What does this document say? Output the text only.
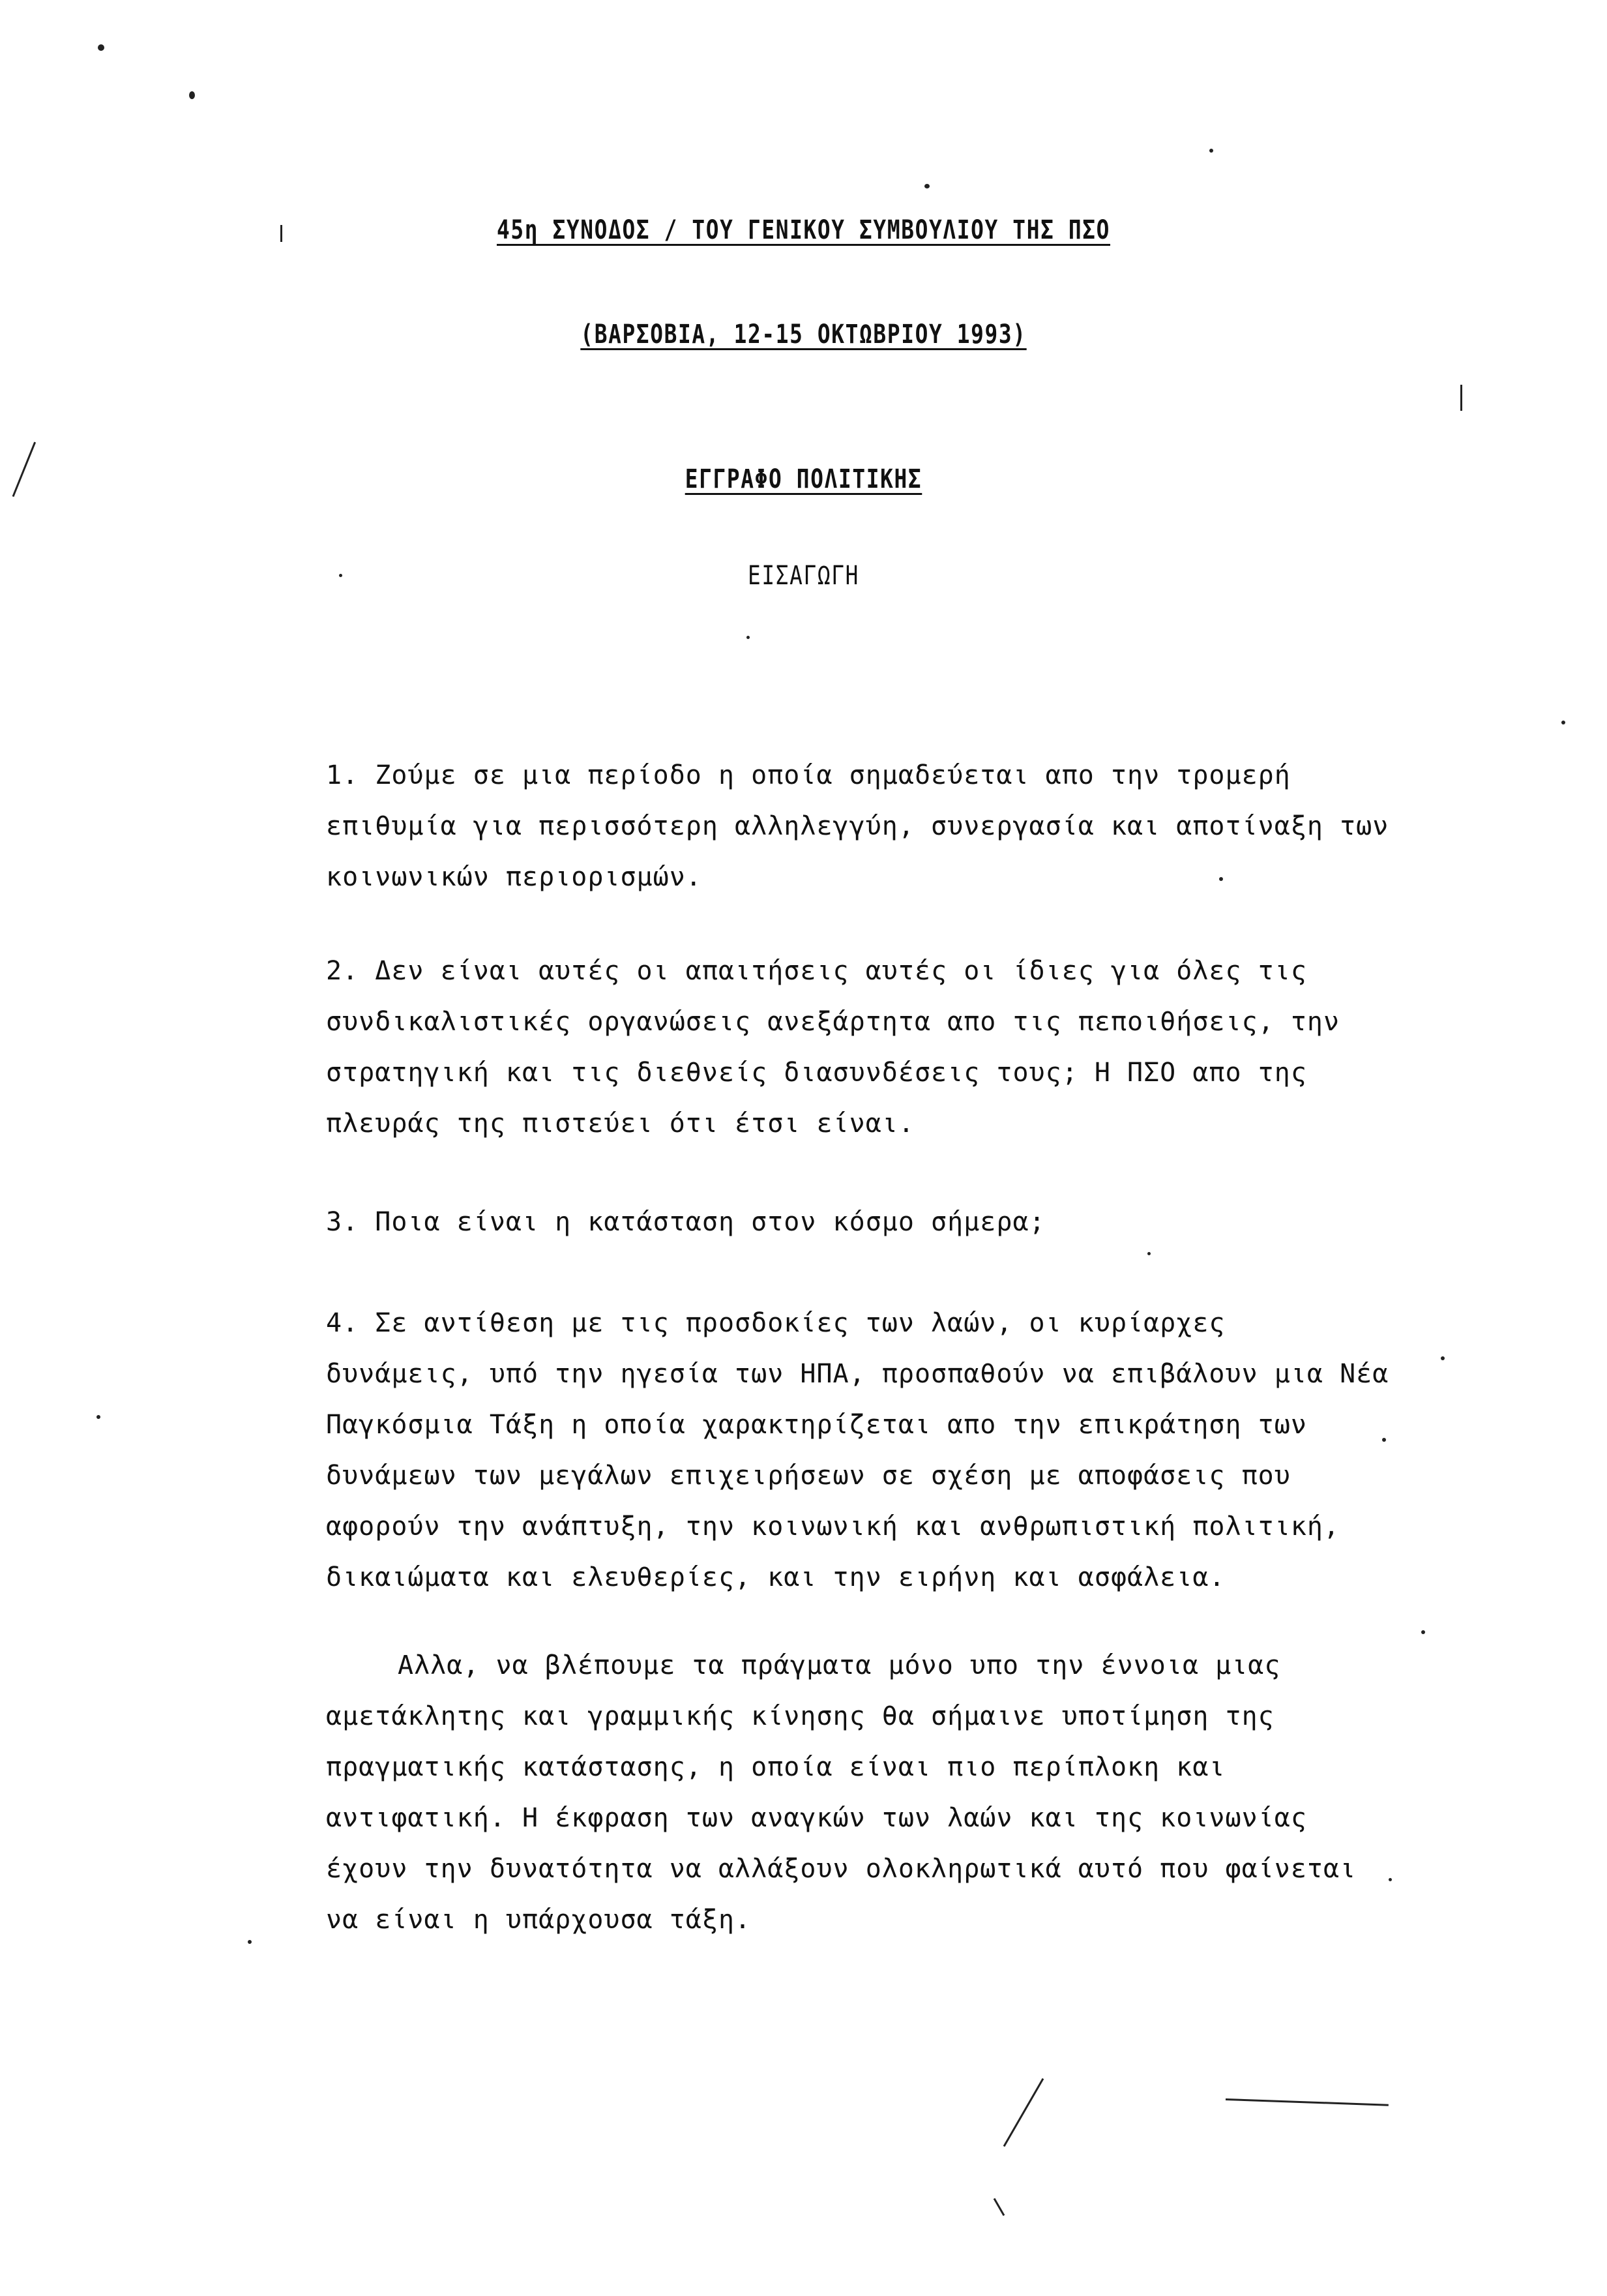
45η ΣΥΝΟΔΟΣ / ΤΟΥ ΓΕΝΙΚΟΥ ΣΥΜΒΟΥΛΙΟΥ ΤΗΣ ΠΣΟ
(ΒΑΡΣΟΒΙΑ, 12-15 ΟΚΤΩΒΡΙΟΥ 1993)
ΕΓΓΡΑΦΟ ΠΟΛΙΤΙΚΗΣ
ΕΙΣΑΓΩΓΗ
1. Ζούμε σε μια περίοδο η οποία σημαδεύεται απο την τρομερή
επιθυμία για περισσότερη αλληλεγγύη, συνεργασία και αποτίναξη των
κοινωνικών περιορισμών.
2. Δεν είναι αυτές οι απαιτήσεις αυτές οι ίδιες για όλες τις
συνδικαλιστικές οργανώσεις ανεξάρτητα απο τις πεποιθήσεις, την
στρατηγική και τις διεθνείς διασυνδέσεις τους; Η ΠΣΟ απο της
πλευράς της πιστεύει ότι έτσι είναι.
3. Ποια είναι η κατάσταση στον κόσμο σήμερα;
4. Σε αντίθεση με τις προσδοκίες των λαών, οι κυρίαρχες
δυνάμεις, υπό την ηγεσία των ΗΠΑ, προσπαθούν να επιβάλουν μια Νέα
Παγκόσμια Τάξη η οποία χαρακτηρίζεται απο την επικράτηση των
δυνάμεων των μεγάλων επιχειρήσεων σε σχέση με αποφάσεις που
αφορούν την ανάπτυξη, την κοινωνική και ανθρωπιστική πολιτική,
δικαιώματα και ελευθερίες, και την ειρήνη και ασφάλεια.
Αλλα, να βλέπουμε τα πράγματα μόνο υπο την έννοια μιας
αμετάκλητης και γραμμικής κίνησης θα σήμαινε υποτίμηση της
πραγματικής κατάστασης, η οποία είναι πιο περίπλοκη και
αντιφατική. Η έκφραση των αναγκών των λαών και της κοινωνίας
έχουν την δυνατότητα να αλλάξουν ολοκληρωτικά αυτό που φαίνεται
να είναι η υπάρχουσα τάξη.
